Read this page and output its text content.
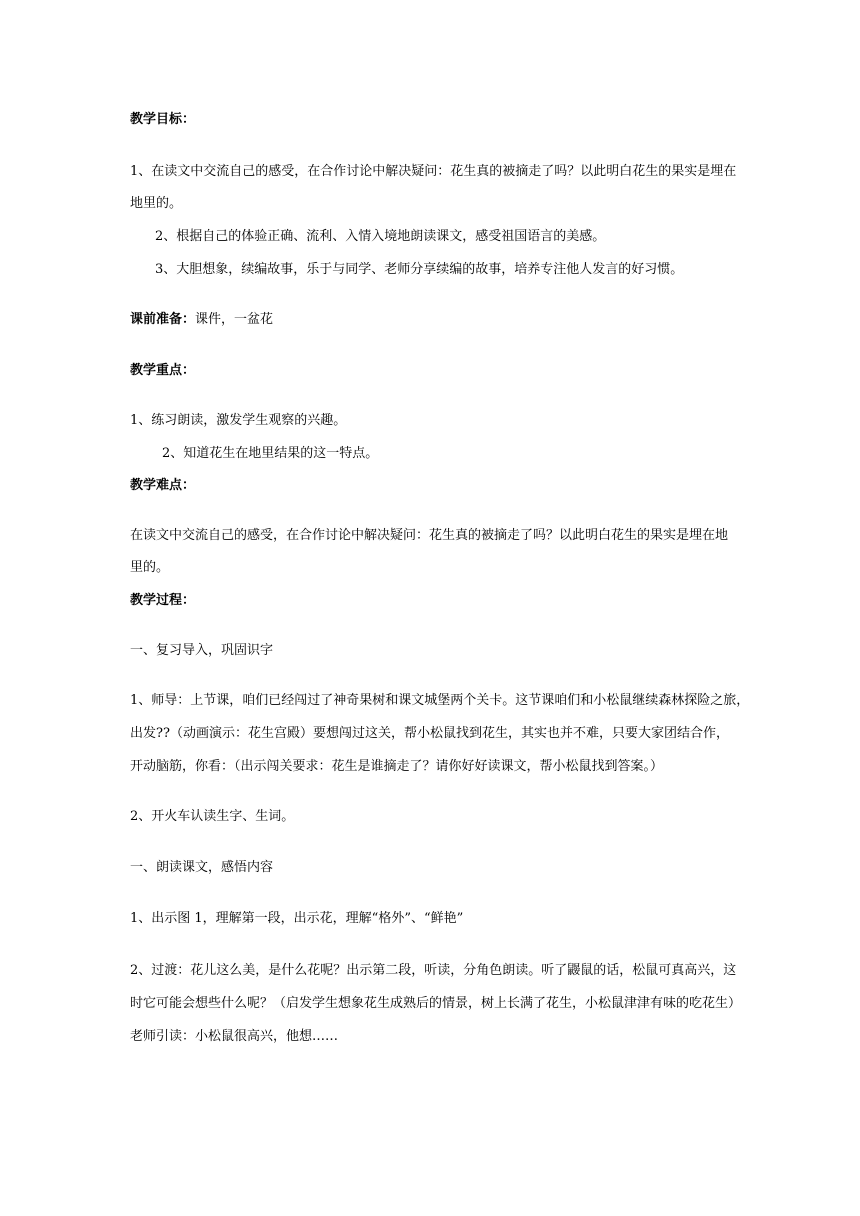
教学目标：
1、在读文中交流自己的感受，在合作讨论中解决疑问：花生真的被摘走了吗？以此明白花生的果实是埋在
地里的。
2、根据自己的体验正确、流利、入情入境地朗读课文，感受祖国语言的美感。
3、大胆想象，续编故事，乐于与同学、老师分享续编的故事，培养专注他人发言的好习惯。
课前准备：课件，一盆花
教学重点：
1、练习朗读，激发学生观察的兴趣。
2、知道花生在地里结果的这一特点。
教学难点：
在读文中交流自己的感受，在合作讨论中解决疑问：花生真的被摘走了吗？以此明白花生的果实是埋在地
里的。
教学过程：
一、复习导入，巩固识字
1、师导：上节课，咱们已经闯过了神奇果树和课文城堡两个关卡。这节课咱们和小松鼠继续森林探险之旅，
出发??（动画演示：花生宫殿）要想闯过这关，帮小松鼠找到花生，其实也并不难，只要大家团结合作，
开动脑筋，你看：（出示闯关要求：花生是谁摘走了？请你好好读课文，帮小松鼠找到答案。）
2、开火车认读生字、生词。
一、朗读课文，感悟内容
1、出示图 1，理解第一段，出示花，理解“格外”、“鲜艳”
2、过渡：花儿这么美，是什么花呢？出示第二段，听读，分角色朗读。听了鼹鼠的话，松鼠可真高兴，这
时它可能会想些什么呢？（启发学生想象花生成熟后的情景，树上长满了花生，小松鼠津津有味的吃花生）
老师引读：小松鼠很高兴，他想……
